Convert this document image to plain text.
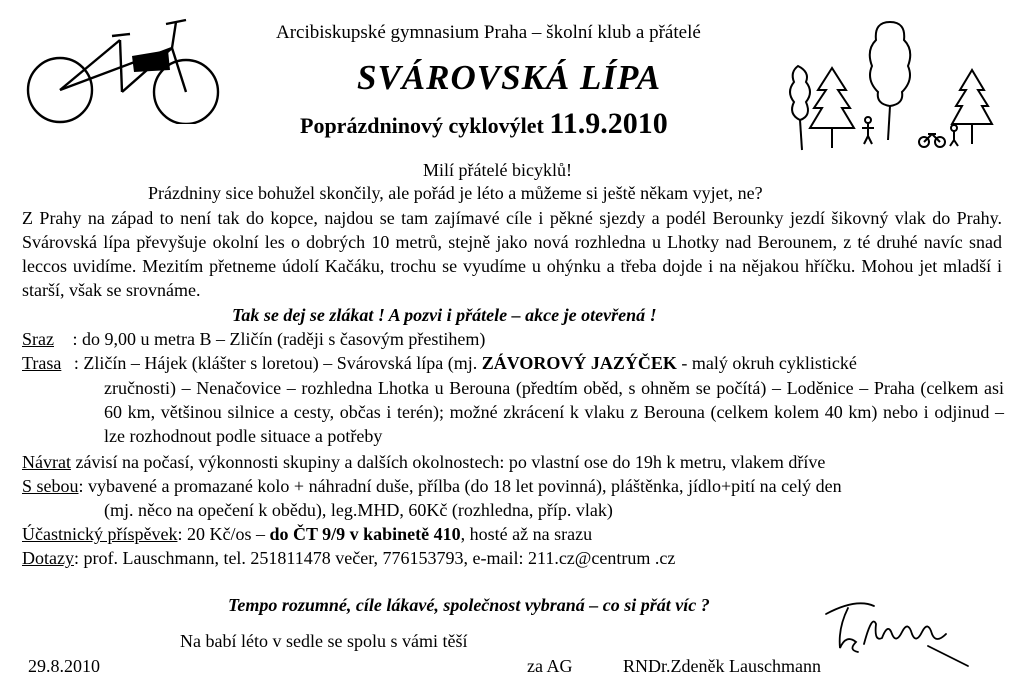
Arcibiskupské gymnasium Praha – školní klub a přátelé
SVÁROVSKÁ LÍPA
Poprázdninový cyklovýlet 11.9.2010
Milí přátelé bicyklů!
Prázdniny sice bohužel skončily, ale pořád je léto a můžeme si ještě někam vyjet, ne?
Z Prahy na západ to není tak do kopce, najdou se tam zajímavé cíle i pěkné sjezdy a podél Berounky jezdí šikovný vlak do Prahy. Svárovská lípa převyšuje okolní les o dobrých 10 metrů, stejně jako nová rozhledna u Lhotky nad Berounem, z té druhé navíc snad leccos uvidíme. Mezitím přetneme údolí Kačáku, trochu se vyudíme u ohýnku a třeba dojde i na nějakou hříčku. Mohou jet mladší i starší, však se srovnáme.
Tak se dej se zlákat ! A pozvi i přátele – akce je otevřená !
Sraz : do 9,00 u metra B – Zličín (raději s časovým přestihem)
Trasa : Zličín – Hájek (klášter s loretou) – Svárovská lípa (mj. ZÁVOROVÝ JAZÝČEK - malý okruh cyklistické
zručnosti) – Nenačovice – rozhledna Lhotka u Berouna (předtím oběd, s ohněm se počítá) – Loděnice – Praha (celkem asi 60 km, většinou silnice a cesty, občas i terén); možné zkrácení k vlaku z Berouna (celkem kolem 40 km) nebo i odjinud – lze rozhodnout podle situace a potřeby
Návrat závisí na počasí, výkonnosti skupiny a dalších okolnostech: po vlastní ose do 19h k metru, vlakem dříve
S sebou: vybavené a promazané kolo + náhradní duše, přílba (do 18 let povinná), pláštěnka, jídlo+pití na celý den
(mj. něco na opečení k obědu), leg.MHD, 60Kč (rozhledna, příp. vlak)
Účastnický příspěvek: 20 Kč/os – do ČT 9/9 v kabinetě 410, hosté až na srazu
Dotazy: prof. Lauschmann, tel. 251811478 večer, 776153793, e-mail: 211.cz@centrum .cz
Tempo rozumné, cíle lákavé, společnost vybraná – co si přát víc ?
Na babí léto v sedle se spolu s vámi těší
29.8.2010	za AG	RNDr.Zdeněk Lauschmann
